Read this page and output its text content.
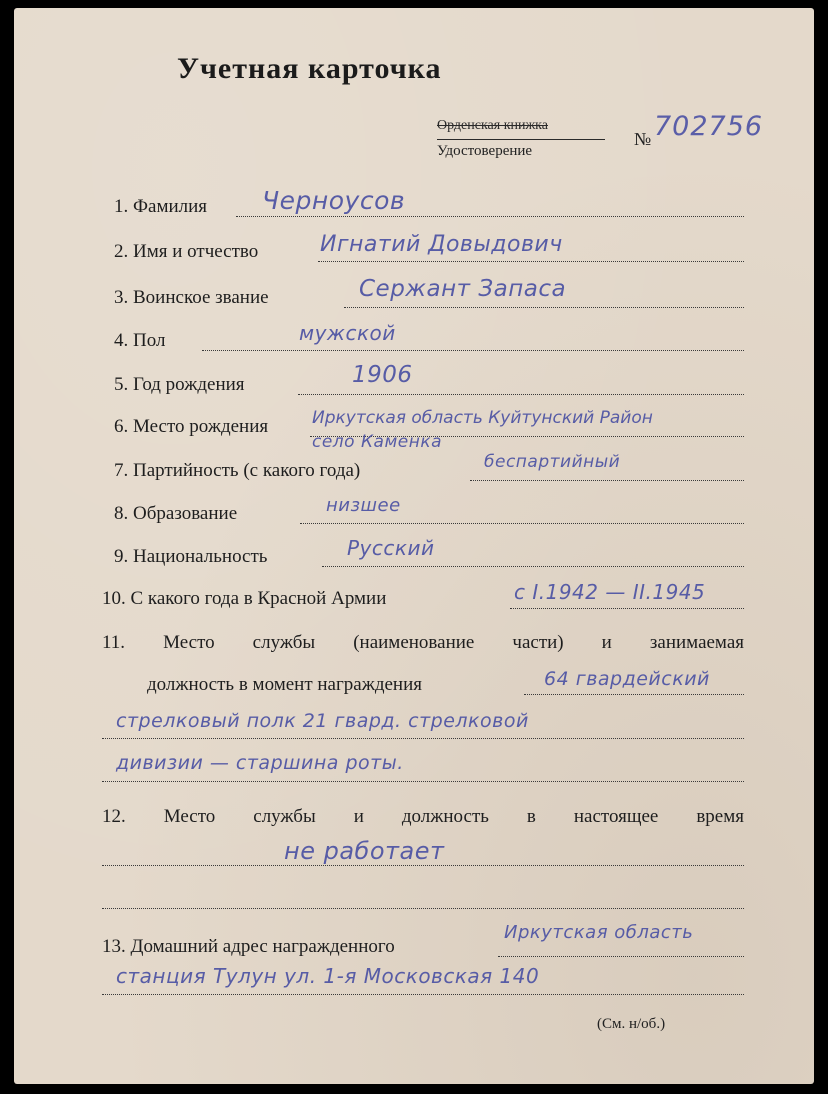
Учетная карточка
Орденская книжка
Удостоверение
№ 702756
1. Фамилия Черноусов
2. Имя и отчество	Игнатий Довыдович
3. Воинское звание	Сержант Запаса
4. Пол	мужской
5. Год рождения	1906
6. Место рождения	Иркутская область Куйтунский Район
село Каменка
7. Партийность (с какого года)	беспартийный
8. Образование	низшее
9. Национальность	Русский
10. С какого года в Красной Армии	с I.1942 — II.1945
11. Место службы (наименование части) и занимаемая
должность в момент награждения	64 гвардейский
стрелковый полк 21 гвард. стрелковой
дивизии — старшина роты.
12. Место службы и должность в настоящее время
не работает
13. Домашний адрес награжденного
Иркутская область
станция Тулун ул. 1-я Московская 140
(См. н/об.)
